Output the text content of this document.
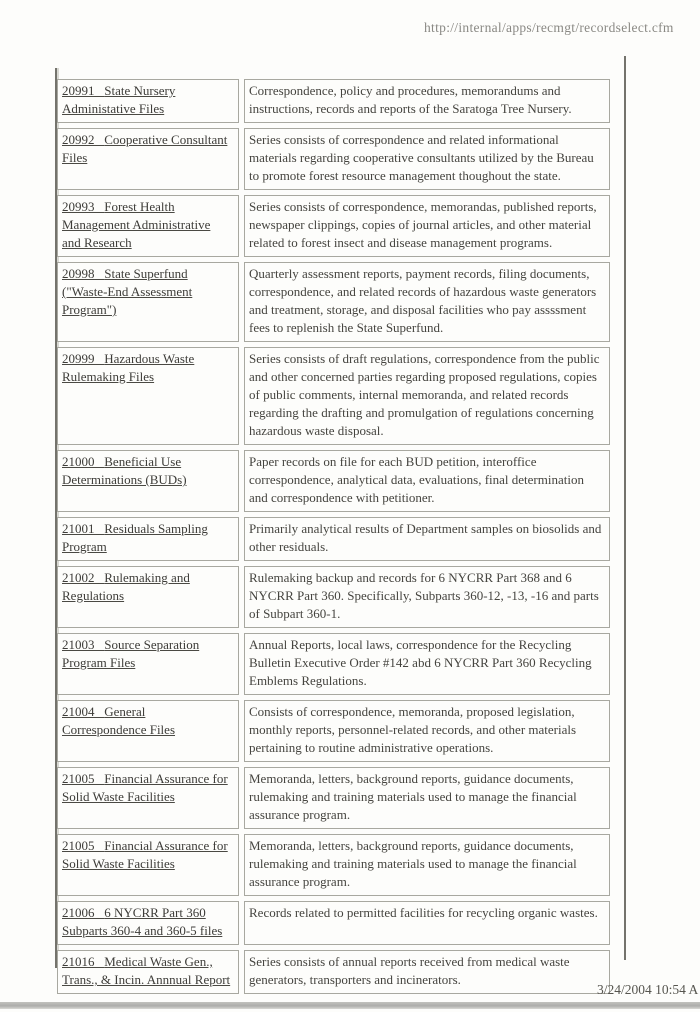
http://internal/apps/recmgt/recordselect.cfm
20991 State Nursery Administative Files
Correspondence, policy and procedures, memorandums and instructions, records and reports of the Saratoga Tree Nursery.
20992 Cooperative Consultant Files
Series consists of correspondence and related informational materials regarding cooperative consultants utilized by the Bureau to promote forest resource management thoughout the state.
20993 Forest Health Management Administrative and Research
Series consists of correspondence, memorandas, published reports, newspaper clippings, copies of journal articles, and other material related to forest insect and disease management programs.
20998 State Superfund ("Waste-End Assessment Program")
Quarterly assessment reports, payment records, filing documents, correspondence, and related records of hazardous waste generators and treatment, storage, and disposal facilities who pay assssment fees to replenish the State Superfund.
20999 Hazardous Waste Rulemaking Files
Series consists of draft regulations, correspondence from the public and other concerned parties regarding proposed regulations, copies of public comments, internal memoranda, and related records regarding the drafting and promulgation of regulations concerning hazardous waste disposal.
21000 Beneficial Use Determinations (BUDs)
Paper records on file for each BUD petition, interoffice correspondence, analytical data, evaluations, final determination and correspondence with petitioner.
21001 Residuals Sampling Program
Primarily analytical results of Department samples on biosolids and other residuals.
21002 Rulemaking and Regulations
Rulemaking backup and records for 6 NYCRR Part 368 and 6 NYCRR Part 360. Specifically, Subparts 360-12, -13, -16 and parts of Subpart 360-1.
21003 Source Separation Program Files
Annual Reports, local laws, correspondence for the Recycling Bulletin Executive Order #142 abd 6 NYCRR Part 360 Recycling Emblems Regulations.
21004 General Correspondence Files
Consists of correspondence, memoranda, proposed legislation, monthly reports, personnel-related records, and other materials pertaining to routine administrative operations.
21005 Financial Assurance for Solid Waste Facilities
Memoranda, letters, background reports, guidance documents, rulemaking and training materials used to manage the financial assurance program.
21005 Financial Assurance for Solid Waste Facilities
Memoranda, letters, background reports, guidance documents, rulemaking and training materials used to manage the financial assurance program.
21006 6 NYCRR Part 360 Subparts 360-4 and 360-5 files
Records related to permitted facilities for recycling organic wastes.
21016 Medical Waste Gen., Trans., & Incin. Annnual Report
Series consists of annual reports received from medical waste generators, transporters and incinerators.
3/24/2004 10:54 A
